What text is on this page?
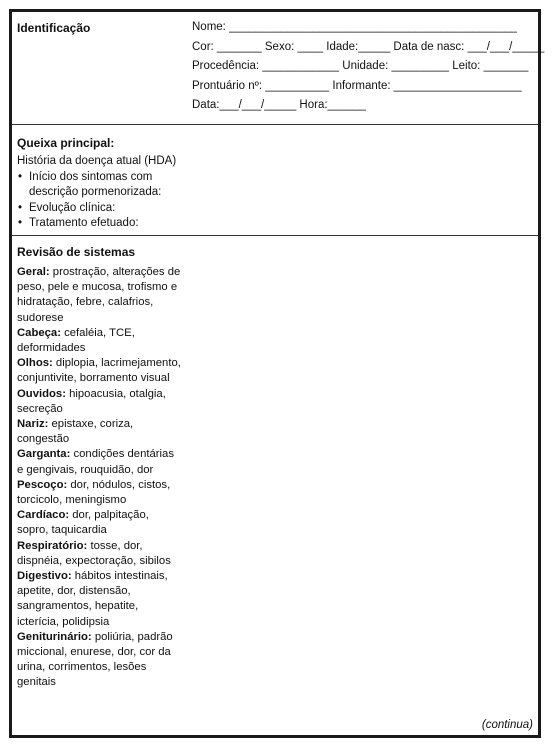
Identificação	Nome: _____________________________________________
Cor: _______ Sexo: ____ Idade:_____ Data de nasc: ___/___/_____
Procedência: ____________ Unidade: _________ Leito: _______
Prontuário nº: __________ Informante: ____________________
Data:___/___/_____ Hora:______
Queixa principal:
História da doença atual (HDA)
• Início dos sintomas com descrição pormenorizada:
• Evolução clínica:
• Tratamento efetuado:
Revisão de sistemas

Geral: prostração, alterações de peso, pele e mucosa, trofismo e hidratação, febre, calafrios, sudorese

Cabeça: cefaléia, TCE, deformidades

Olhos: diplopia, lacrimejamento, conjuntivite, borramento visual

Ouvidos: hipoacusia, otalgia, secreção

Nariz: epistaxe, coriza, congestão

Garganta: condições dentárias e gengivais, rouquidão, dor

Pescoço: dor, nódulos, cistos, torcicolo, meningismo

Cardíaco: dor, palpitação, sopro, taquicardia

Respiratório: tosse, dor, dispnéia, expectoração, sibilos

Digestivo: hábitos intestinais, apetite, dor, distensão, sangramentos, hepatite, icterícia, polidipsia

Geniturinário: poliúria, padrão miccional, enurese, dor, cor da urina, corrimentos, lesões genitais

(continua)
